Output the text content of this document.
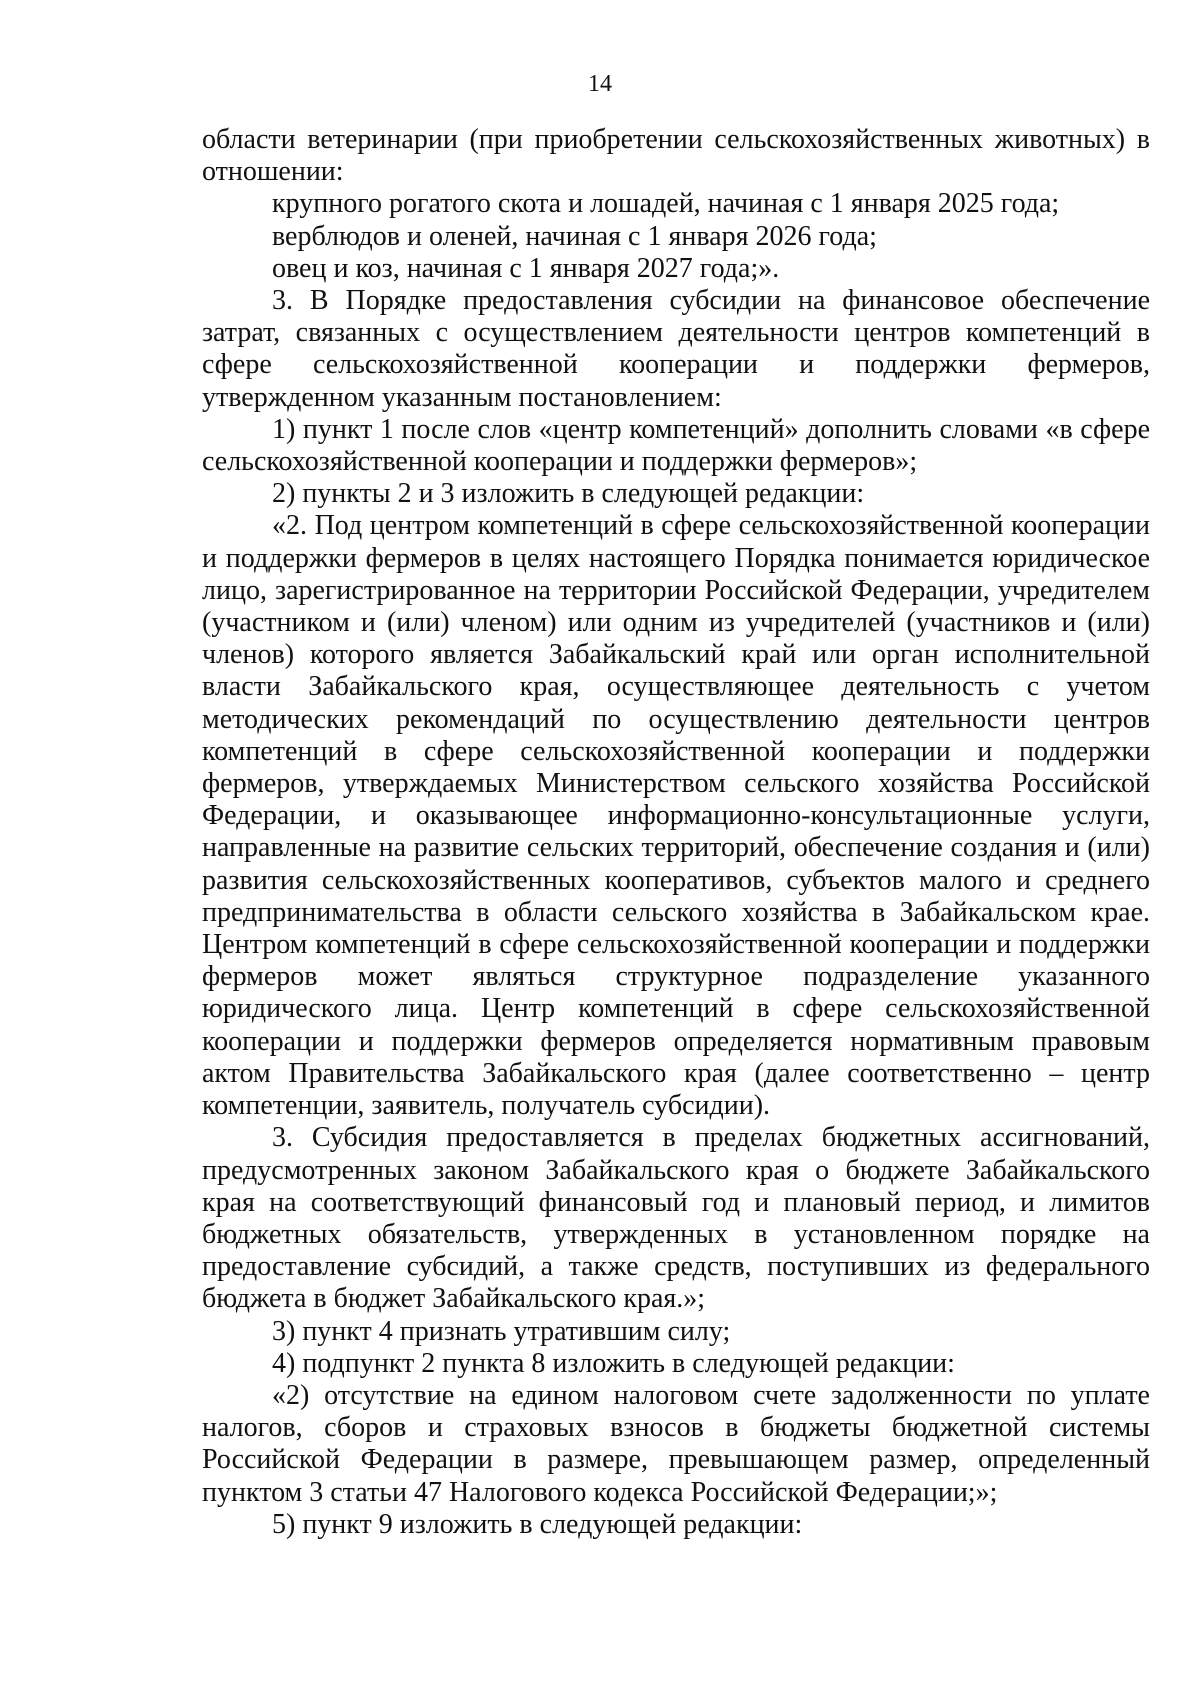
14

области ветеринарии (при приобретении сельскохозяйственных животных) в отношении:

крупного рогатого скота и лошадей, начиная с 1 января 2025 года;

верблюдов и оленей, начиная с 1 января 2026 года;

овец и коз, начиная с 1 января 2027 года;».

3. В Порядке предоставления субсидии на финансовое обеспечение затрат, связанных с осуществлением деятельности центров компетенций в сфере сельскохозяйственной кооперации и поддержки фермеров, утвержденном указанным постановлением:

1) пункт 1 после слов «центр компетенций» дополнить словами «в сфере сельскохозяйственной кооперации и поддержки фермеров»;

2) пункты 2 и 3 изложить в следующей редакции:

«2. Под центром компетенций в сфере сельскохозяйственной кооперации и поддержки фермеров в целях настоящего Порядка понимается юридическое лицо, зарегистрированное на территории Российской Федерации, учредителем (участником и (или) членом) или одним из учредителей (участников и (или) членов) которого является Забайкальский край или орган исполнительной власти Забайкальского края, осуществляющее деятельность с учетом методических рекомендаций по осуществлению деятельности центров компетенций в сфере сельскохозяйственной кооперации и поддержки фермеров, утверждаемых Министерством сельского хозяйства Российской Федерации, и оказывающее информационно-консультационные услуги, направленные на развитие сельских территорий, обеспечение создания и (или) развития сельскохозяйственных кооперативов, субъектов малого и среднего предпринимательства в области сельского хозяйства в Забайкальском крае. Центром компетенций в сфере сельскохозяйственной кооперации и поддержки фермеров может являться структурное подразделение указанного юридического лица. Центр компетенций в сфере сельскохозяйственной кооперации и поддержки фермеров определяется нормативным правовым актом Правительства Забайкальского края (далее соответственно – центр компетенции, заявитель, получатель субсидии).

3. Субсидия предоставляется в пределах бюджетных ассигнований, предусмотренных законом Забайкальского края о бюджете Забайкальского края на соответствующий финансовый год и плановый период, и лимитов бюджетных обязательств, утвержденных в установленном порядке на предоставление субсидий, а также средств, поступивших из федерального бюджета в бюджет Забайкальского края.»;

3) пункт 4 признать утратившим силу;

4) подпункт 2 пункта 8 изложить в следующей редакции:

«2) отсутствие на едином налоговом счете задолженности по уплате налогов, сборов и страховых взносов в бюджеты бюджетной системы Российской Федерации в размере, превышающем размер, определенный пунктом 3 статьи 47 Налогового кодекса Российской Федерации;»;

5) пункт 9 изложить в следующей редакции:
